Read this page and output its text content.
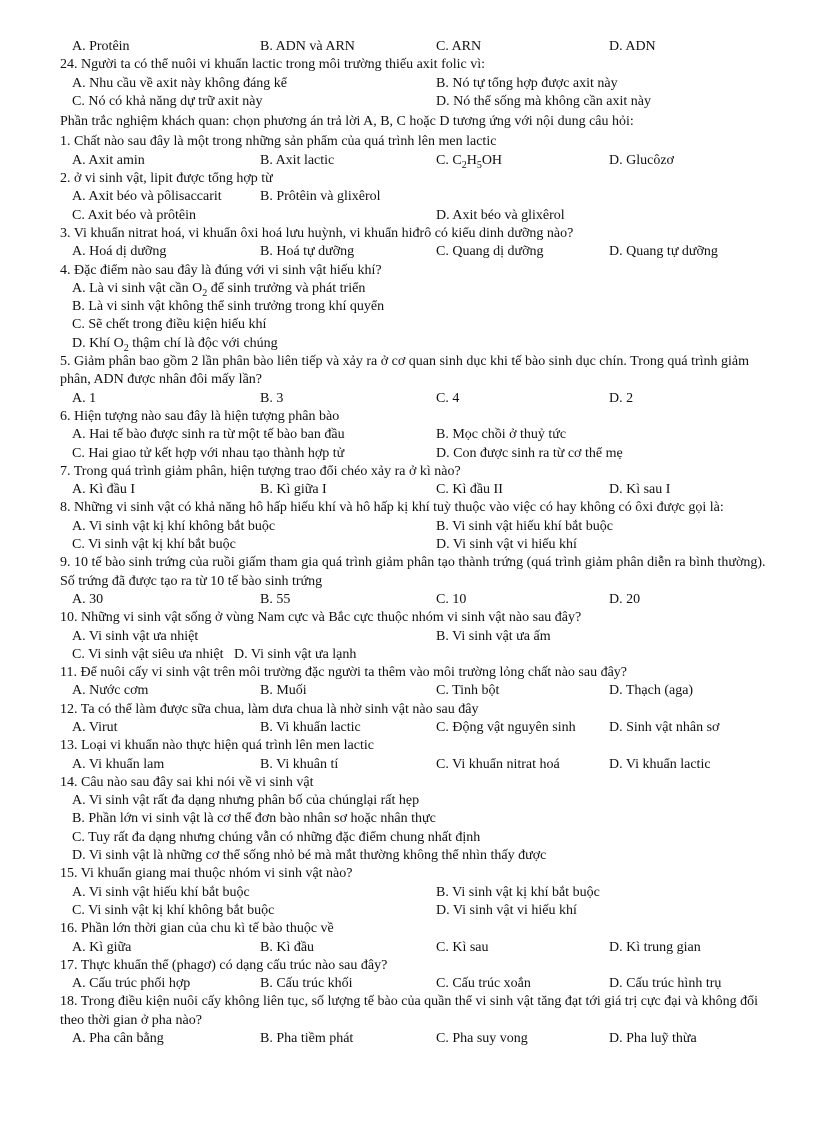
A. Protêin	B. ADN và ARN	C. ARN	D. ADN
24. Người ta có thể nuôi vi khuẩn lactic trong môi trường thiếu axit folic vì:
A. Nhu cầu về axit này không đáng kể	B. Nó tự tổng hợp được axit này
C. Nó có khả năng dự trữ axit này	D. Nó thể sống mà không cần axit này
Phần trắc nghiệm khách quan: chọn phương án trả lời A, B, C hoặc D tương ứng với nội dung câu hỏi:
1. Chất nào sau đây là một trong những sản phẩm của quá trình lên men lactic
A. Axit amin	B. Axit lactic	C. $C_2H_5OH$	D. Glucôzơ
2. ở vi sinh vật, lipit được tổng hợp từ
A. Axit béo và pôlisaccarit	B. Prôtêin và glixêrol
C. Axit béo và prôtêin	D. Axit béo và glixêrol
3. Vi khuẩn nitrat hoá, vi khuẩn ôxi hoá lưu huỳnh, vi khuẩn hiđrô có kiểu dinh dưỡng nào?
A. Hoá dị dưỡng	B. Hoá tự dưỡng	C. Quang dị dưỡng	D. Quang tự dưỡng
4. Đặc điểm nào sau đây là đúng với vi sinh vật hiếu khí?
A. Là vi sinh vật cần $O_2$ để sinh trưởng và phát triển
B. Là vi sinh vật không thể sinh trưởng trong khí quyển
C. Sẽ chết trong điều kiện hiếu khí
D. Khí $O_2$ thậm chí là độc với chúng
5. Giảm phân bao gồm 2 lần phân bào liên tiếp và xảy ra ở cơ quan sinh dục khi tế bào sinh dục chín. Trong quá trình giảm phân, ADN được nhân đôi mấy lần?
A. 1	B. 3	C. 4	D. 2
6. Hiện tượng nào sau đây là hiện tượng phân bào
A. Hai tế bào được sinh ra từ một tế bào ban đầu	B. Mọc chồi ở thuỷ tức
C. Hai giao tử kết hợp với nhau tạo thành hợp tử	D. Con được sinh ra từ cơ thể mẹ
7. Trong quá trình giảm phân, hiện tượng trao đổi chéo xảy ra ở kì nào?
A. Kì đầu I	B. Kì giữa I	C. Kì đầu II	D. Kì sau I
8. Những vi sinh vật có khả năng hô hấp hiếu khí và hô hấp kị khí tuỳ thuộc vào việc có hay không có ôxi được gọi là:
A. Vi sinh vật kị khí không bắt buộc	B. Vi sinh vật hiếu khí bắt buộc
C. Vi sinh vật kị khí bắt buộc	D. Vi sinh vật vi hiếu khí
9. 10 tế bào sinh trứng của ruồi giấm tham gia quá trình giảm phân tạo thành trứng (quá trình giảm phân diễn ra bình thường). Số trứng đã được tạo ra từ 10 tế bào sinh trứng
A. 30	B. 55	C. 10	D. 20
10. Những vi sinh vật sống ở vùng Nam cực và Bắc cực thuộc nhóm vi sinh vật nào sau đây?
A. Vi sinh vật ưa nhiệt	B. Vi sinh vật ưa ấm
C. Vi sinh vật siêu ưa nhiệt   D. Vi sinh vật ưa lạnh
11. Để nuôi cấy vi sinh vật trên môi trường đặc người ta thêm vào môi trường lỏng chất nào sau đây?
A. Nước cơm	B. Muối	C. Tinh bột	D. Thạch (aga)
12. Ta có thể làm được sữa chua, làm dưa chua là nhờ sinh vật nào sau đây
A. Virut	B. Vi khuẩn lactic	C. Động vật nguyên sinh D. Sinh vật nhân sơ
13. Loại vi khuẩn nào thực hiện quá trình lên men lactic
A. Vi khuẩn lam	B. Vi khuân tí	C. Vi khuẩn nitrat hoá	D. Vi khuẩn lactic
14. Câu nào sau đây sai khi nói về vi sinh vật
A. Vi sinh vật rất đa dạng nhưng phân bố của chúnglại rất hẹp
B. Phần lớn vi sinh vật là cơ thể đơn bào nhân sơ hoặc nhân thực
C. Tuy rất đa dạng nhưng chúng vẫn có những đặc điểm chung nhất định
D. Vi sinh vật là những cơ thể sống nhỏ bé mà mắt thường không thể nhìn thấy được
15. Vi khuẩn giang mai thuộc nhóm vi sinh vật nào?
A. Vi sinh vật hiếu khí bắt buộc	B. Vi sinh vật kị khí bắt buộc
C. Vi sinh vật kị khí không bắt buộc	D. Vi sinh vật vi hiếu khí
16. Phần lớn thời gian của chu kì tế bào thuộc về
A. Kì giữa	B. Kì đầu	C. Kì sau	D. Kì trung gian
17. Thực khuẩn thể (phagơ) có dạng cấu trúc nào sau đây?
A. Cấu trúc phối hợp	B. Cấu trúc khối	C. Cấu trúc xoắn	D. Cấu trúc hình trụ
18. Trong điều kiện nuôi cấy không liên tục, số lượng tế bào của quần thể vi sinh vật tăng đạt tới giá trị cực đại và không đổi theo thời gian ở pha nào?
A. Pha cân bằng	B. Pha tiềm phát	C. Pha suy vong	D. Pha luỹ thừa
